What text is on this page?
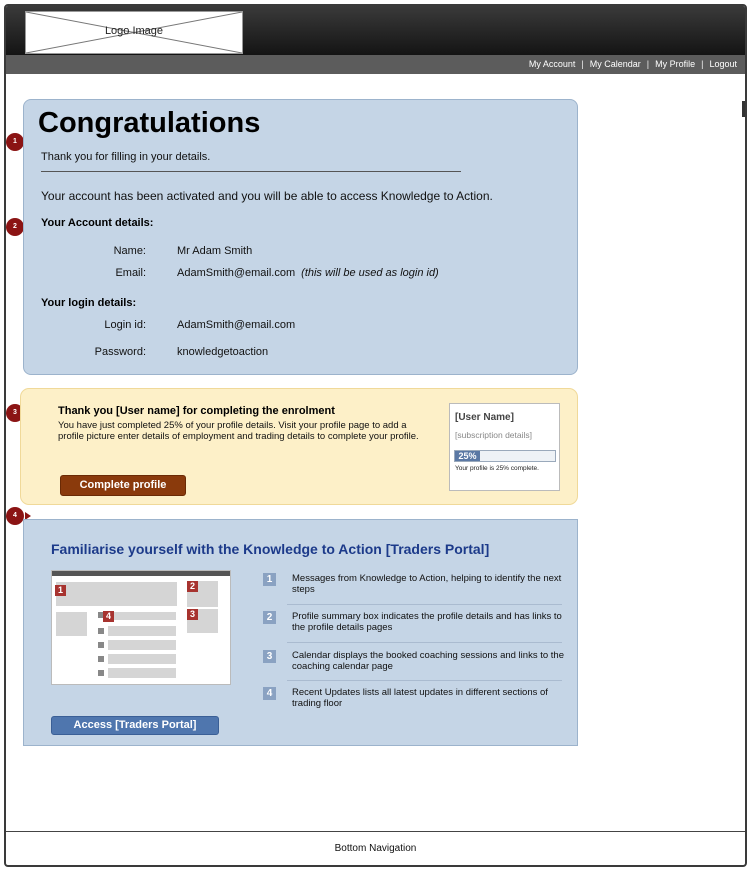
Logo Image
My Account | My Calendar | My Profile | Logout
1
2
3
4
Congratulations
Thank you for filling in your details.
Your account has been activated and you will be able to access Knowledge to Action.
Your Account details:
Name:	Mr Adam Smith
Email:	AdamSmith@email.com (this will be used as login id)
Your login details:
Login id:	AdamSmith@email.com
Password:	knowledgetoaction
Thank you [User name] for completing the enrolment
You have just completed 25% of your profile details. Visit your profile page to add a profile picture enter details of employment and trading details to complete your profile.
Complete profile
[User Name]
[subscription details]
25%
Your profile is 25% complete.
Familiarise yourself with the Knowledge to Action [Traders Portal]
1	2
3
4
Access [Traders Portal]
1	Messages from Knowledge to Action, helping to identify the next steps
2	Profile summary box indicates the profile details and has links to the profile details pages
3	Calendar displays the booked coaching sessions and links to the coaching calendar page
4	Recent Updates lists all latest updates in different sections of trading floor
Bottom Navigation
